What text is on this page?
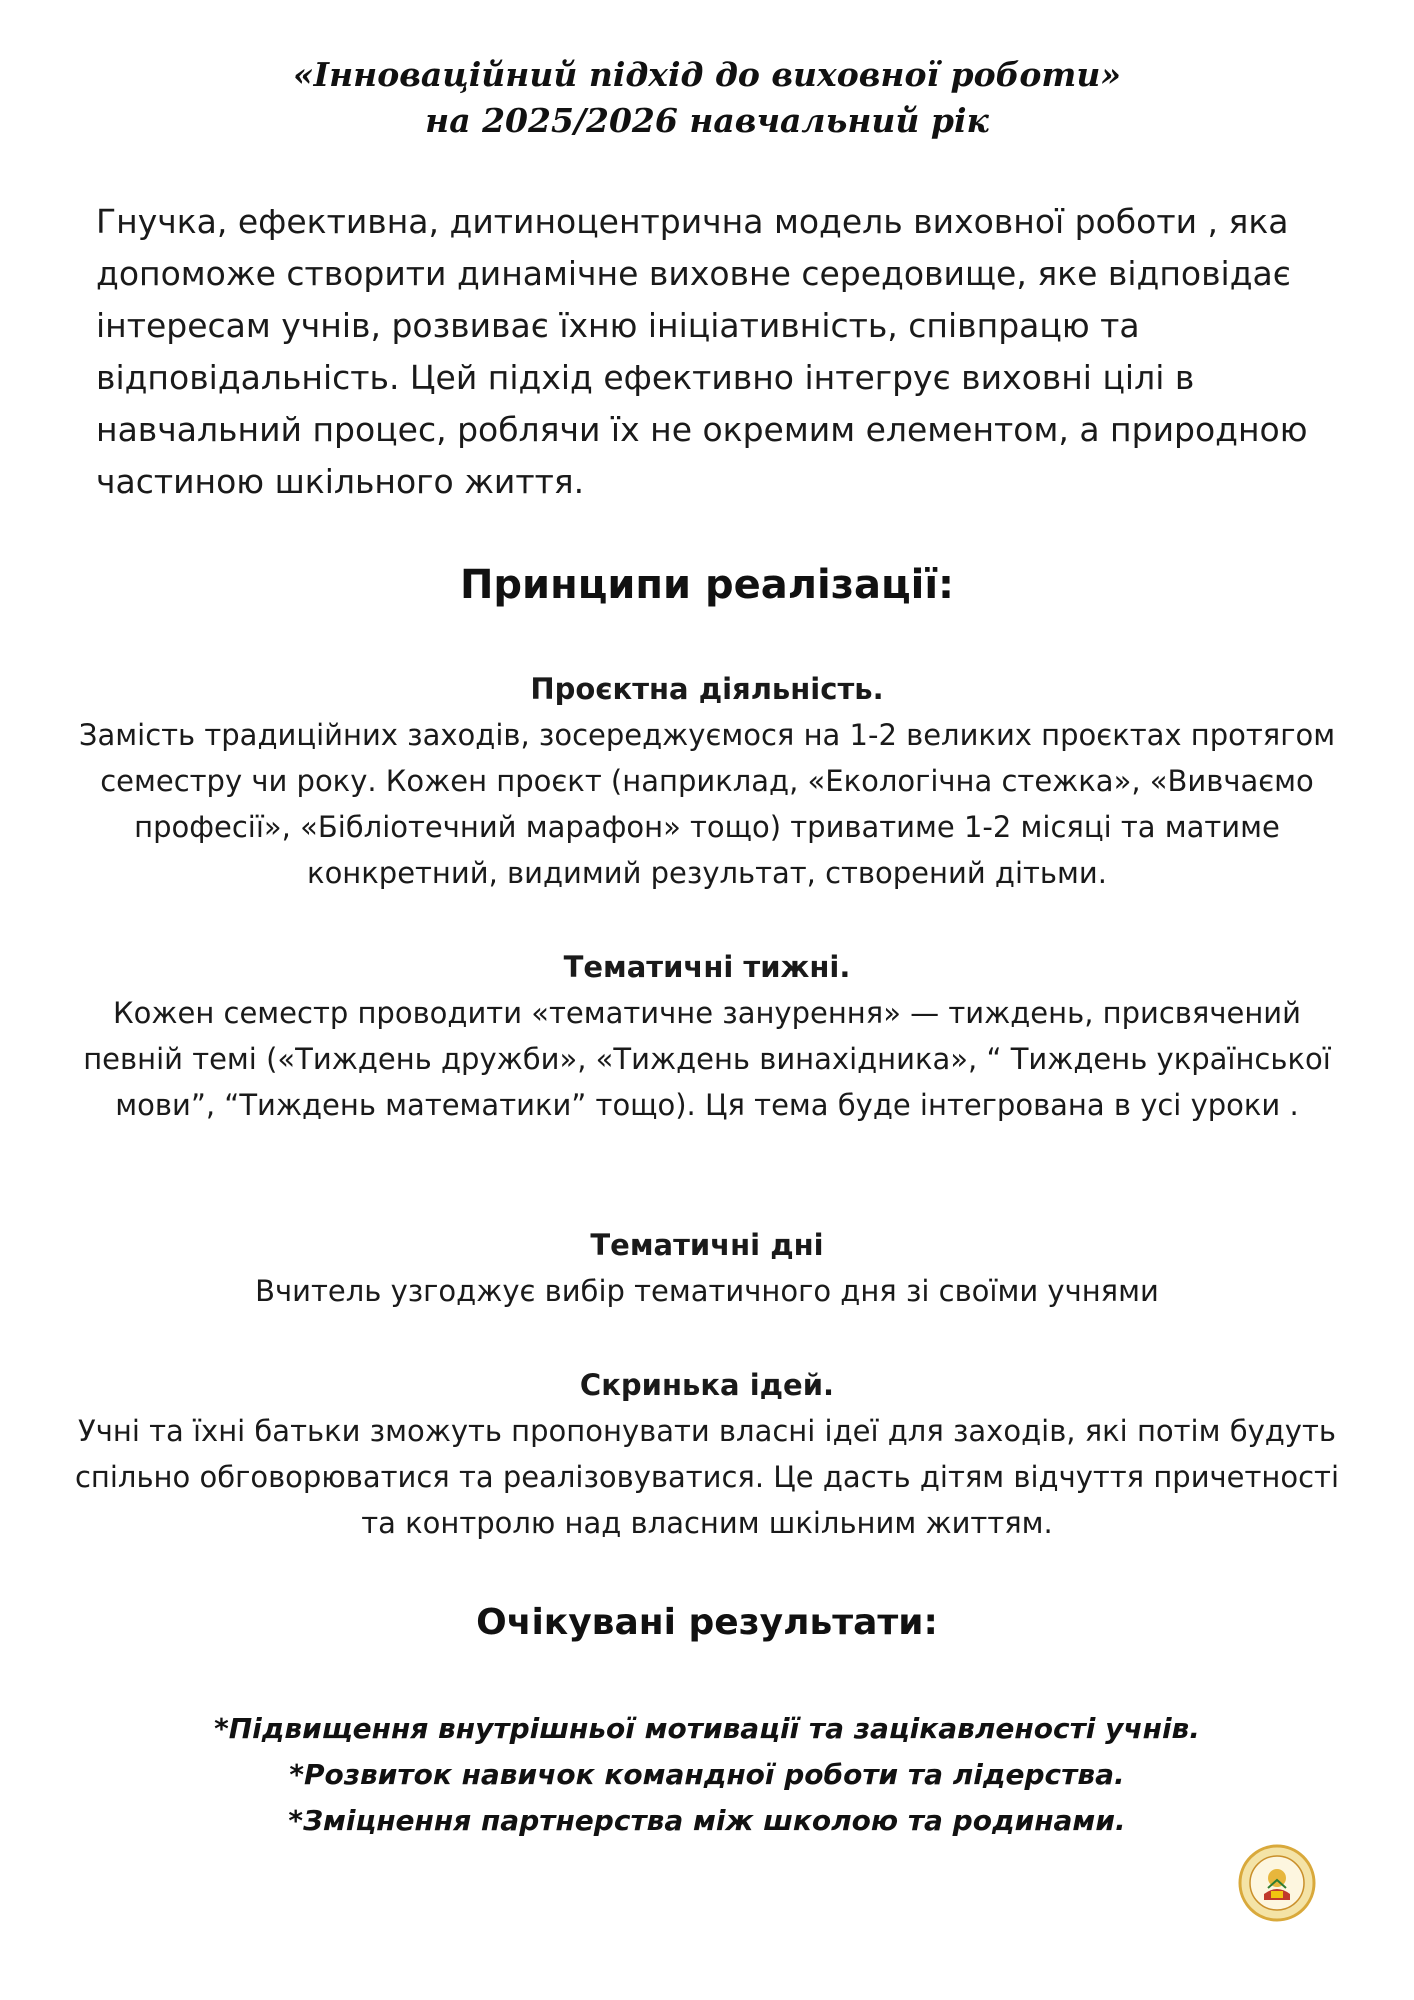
«Інноваційний підхід до виховної роботи»
на 2025/2026 навчальний рік
Гнучка, ефективна, дитиноцентрична модель виховної роботи , яка допоможе створити динамічне виховне середовище, яке відповідає інтересам учнів, розвиває їхню ініціативність, співпрацю та відповідальність. Цей підхід ефективно інтегрує виховні цілі в навчальний процес, роблячи їх не окремим елементом, а природною частиною шкільного життя.
Принципи реалізації:
Проєктна діяльність.
Замість традиційних заходів, зосереджуємося на 1-2 великих проєктах протягом семестру чи року. Кожен проєкт (наприклад, «Екологічна стежка», «Вивчаємо професії», «Бібліотечний марафон» тощо) триватиме 1-2 місяці та матиме конкретний, видимий результат, створений дітьми.
Тематичні тижні.
Кожен семестр проводити «тематичне занурення» — тиждень, присвячений певній темі («Тиждень дружби», «Тиждень винахідника», “ Тиждень української мови”, “Тиждень математики” тощо). Ця тема буде інтегрована в усі уроки .
Тематичні дні
Вчитель узгоджує вибір тематичного дня зі своїми учнями
Скринька ідей.
Учні та їхні батьки зможуть пропонувати власні ідеї для заходів, які потім будуть спільно обговорюватися та реалізовуватися. Це дасть дітям відчуття причетності та контролю над власним шкільним життям.
Очікувані результати:
*Підвищення внутрішньої мотивації та зацікавленості учнів.
*Розвиток навичок командної роботи та лідерства.
*Зміцнення партнерства між школою та родинами.
